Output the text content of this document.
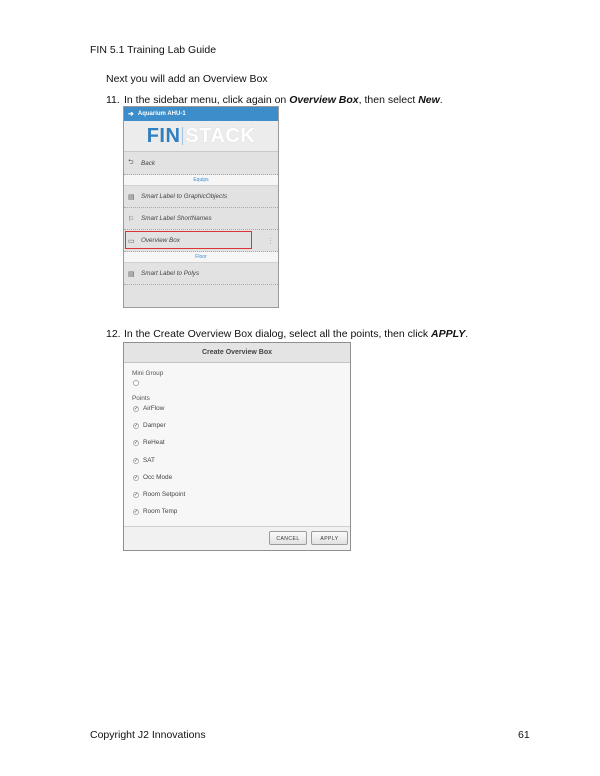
FIN 5.1 Training Lab Guide
Next you will add an Overview Box
11. In the sidebar menu, click again on Overview Box, then select New.
➔ Aquarium AHU-1
FIN STACK
⮌	Back
Equips
▤	Smart Label to GraphicObjects
⚐	Smart Label ShortNames
▭	Overview Box	⋮
Floor
▤	Smart Label to Polys
12. In the Create Overview Box dialog, select all the points, then click APPLY.
Create Overview Box
Mini Group
Points
✓ AirFlow
✓ Damper
✓ ReHeat
✓ SAT
✓ Occ Mode
✓ Room Setpoint
✓ Room Temp
CANCEL	APPLY
Copyright J2 Innovations	61
